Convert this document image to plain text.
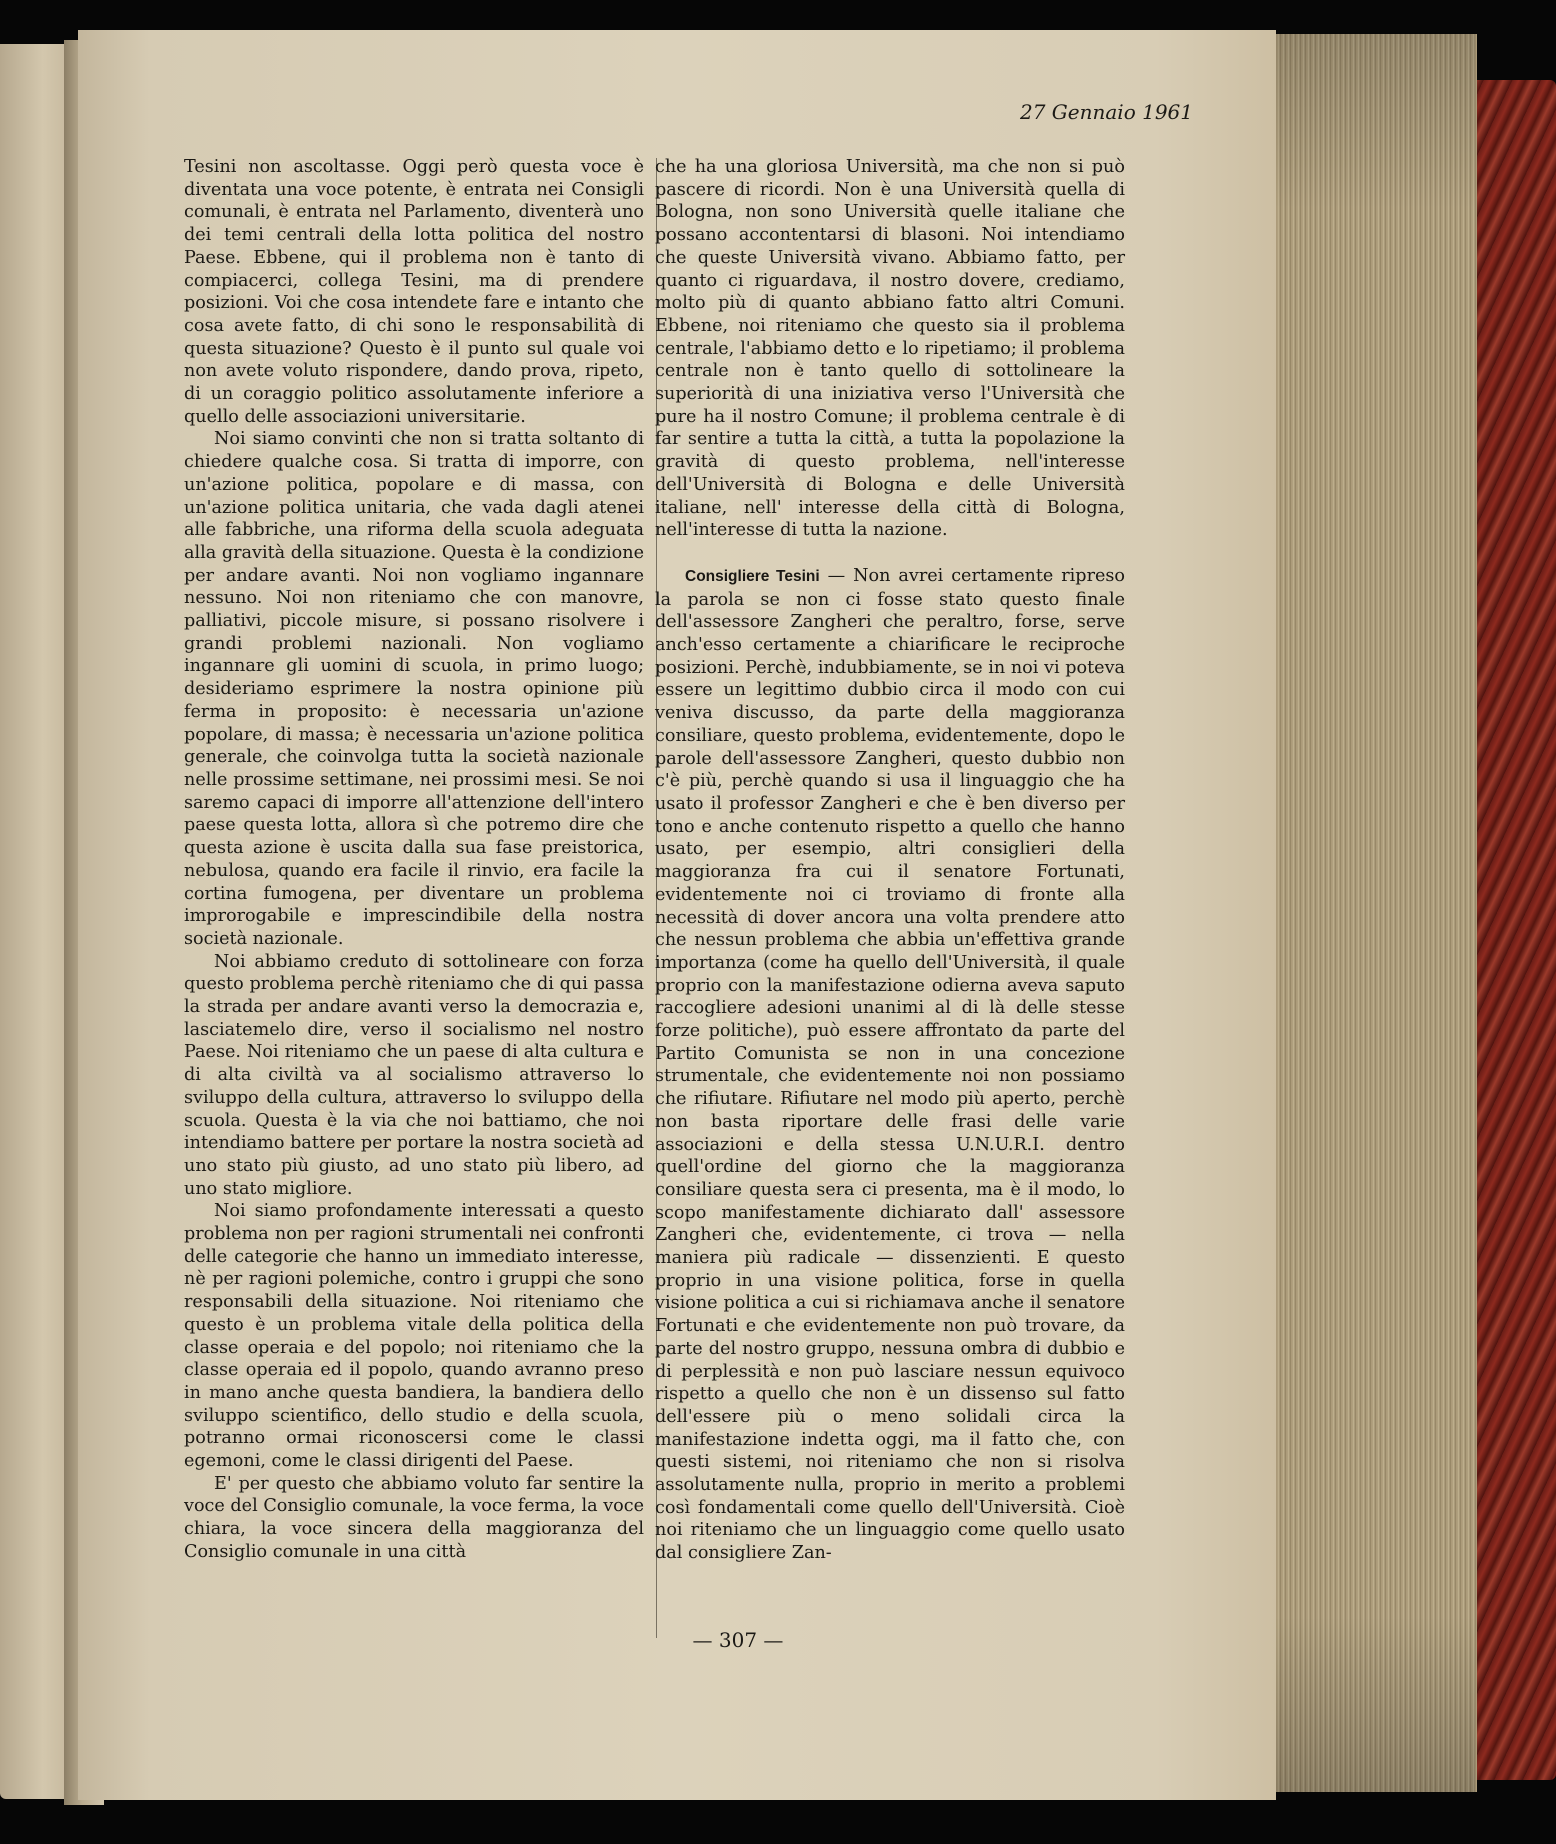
27 Gennaio 1961

Tesini non ascoltasse. Oggi però questa voce è diventata una voce potente, è entrata nei Consigli comunali, è entrata nel Parlamento, diventerà uno dei temi centrali della lotta politica del nostro Paese. Ebbene, qui il problema non è tanto di compiacerci, collega Tesini, ma di prendere posizioni. Voi che cosa intendete fare e intanto che cosa avete fatto, di chi sono le responsabilità di questa situazione? Questo è il punto sul quale voi non avete voluto rispondere, dando prova, ripeto, di un coraggio politico assolutamente inferiore a quello delle associazioni universitarie.

Noi siamo convinti che non si tratta soltanto di chiedere qualche cosa. Si tratta di imporre, con un'azione politica, popolare e di massa, con un'azione politica unitaria, che vada dagli atenei alle fabbriche, una riforma della scuola adeguata alla gravità della situazione. Questa è la condizione per andare avanti. Noi non vogliamo ingannare nessuno. Noi non riteniamo che con manovre, palliativi, piccole misure, si possano risolvere i grandi problemi nazionali. Non vogliamo ingannare gli uomini di scuola, in primo luogo; desideriamo esprimere la nostra opinione più ferma in proposito: è necessaria un'azione popolare, di massa; è necessaria un'azione politica generale, che coinvolga tutta la società nazionale nelle prossime settimane, nei prossimi mesi. Se noi saremo capaci di imporre all'attenzione dell'intero paese questa lotta, allora sì che potremo dire che questa azione è uscita dalla sua fase preistorica, nebulosa, quando era facile il rinvio, era facile la cortina fumogena, per diventare un problema improrogabile e imprescindibile della nostra società nazionale.

Noi abbiamo creduto di sottolineare con forza questo problema perchè riteniamo che di qui passa la strada per andare avanti verso la democrazia e, lasciatemelo dire, verso il socialismo nel nostro Paese. Noi riteniamo che un paese di alta cultura e di alta civiltà va al socialismo attraverso lo sviluppo della cultura, attraverso lo sviluppo della scuola. Questa è la via che noi battiamo, che noi intendiamo battere per portare la nostra società ad uno stato più giusto, ad uno stato più libero, ad uno stato migliore.

Noi siamo profondamente interessati a questo problema non per ragioni strumentali nei confronti delle categorie che hanno un immediato interesse, nè per ragioni polemiche, contro i gruppi che sono responsabili della situazione. Noi riteniamo che questo è un problema vitale della politica della classe operaia e del popolo; noi riteniamo che la classe operaia ed il popolo, quando avranno preso in mano anche questa bandiera, la bandiera dello sviluppo scientifico, dello studio e della scuola, potranno ormai riconoscersi come le classi egemoni, come le classi dirigenti del Paese.

E' per questo che abbiamo voluto far sentire la voce del Consiglio comunale, la voce ferma, la voce chiara, la voce sincera della maggioranza del Consiglio comunale in una città

che ha una gloriosa Università, ma che non si può pascere di ricordi. Non è una Università quella di Bologna, non sono Università quelle italiane che possano accontentarsi di blasoni. Noi intendiamo che queste Università vivano. Abbiamo fatto, per quanto ci riguardava, il nostro dovere, crediamo, molto più di quanto abbiano fatto altri Comuni. Ebbene, noi riteniamo che questo sia il problema centrale, l'abbiamo detto e lo ripetiamo; il problema centrale non è tanto quello di sottolineare la superiorità di una iniziativa verso l'Università che pure ha il nostro Comune; il problema centrale è di far sentire a tutta la città, a tutta la popolazione la gravità di questo problema, nell'interesse dell'Università di Bologna e delle Università italiane, nell' interesse della città di Bologna, nell'interesse di tutta la nazione.

Consigliere Tesini — Non avrei certamente ripreso la parola se non ci fosse stato questo finale dell'assessore Zangheri che peraltro, forse, serve anch'esso certamente a chiarificare le reciproche posizioni. Perchè, indubbiamente, se in noi vi poteva essere un legittimo dubbio circa il modo con cui veniva discusso, da parte della maggioranza consiliare, questo problema, evidentemente, dopo le parole dell'assessore Zangheri, questo dubbio non c'è più, perchè quando si usa il linguaggio che ha usato il professor Zangheri e che è ben diverso per tono e anche contenuto rispetto a quello che hanno usato, per esempio, altri consiglieri della maggioranza fra cui il senatore Fortunati, evidentemente noi ci troviamo di fronte alla necessità di dover ancora una volta prendere atto che nessun problema che abbia un'effettiva grande importanza (come ha quello dell'Università, il quale proprio con la manifestazione odierna aveva saputo raccogliere adesioni unanimi al di là delle stesse forze politiche), può essere affrontato da parte del Partito Comunista se non in una concezione strumentale, che evidentemente noi non possiamo che rifiutare. Rifiutare nel modo più aperto, perchè non basta riportare delle frasi delle varie associazioni e della stessa U.N.U.R.I. dentro quell'ordine del giorno che la maggioranza consiliare questa sera ci presenta, ma è il modo, lo scopo manifestamente dichiarato dall' assessore Zangheri che, evidentemente, ci trova — nella maniera più radicale — dissenzienti. E questo proprio in una visione politica, forse in quella visione politica a cui si richiamava anche il senatore Fortunati e che evidentemente non può trovare, da parte del nostro gruppo, nessuna ombra di dubbio e di perplessità e non può lasciare nessun equivoco rispetto a quello che non è un dissenso sul fatto dell'essere più o meno solidali circa la manifestazione indetta oggi, ma il fatto che, con questi sistemi, noi riteniamo che non si risolva assolutamente nulla, proprio in merito a problemi così fondamentali come quello dell'Università. Cioè noi riteniamo che un linguaggio come quello usato dal consigliere Zan-

— 307 —
